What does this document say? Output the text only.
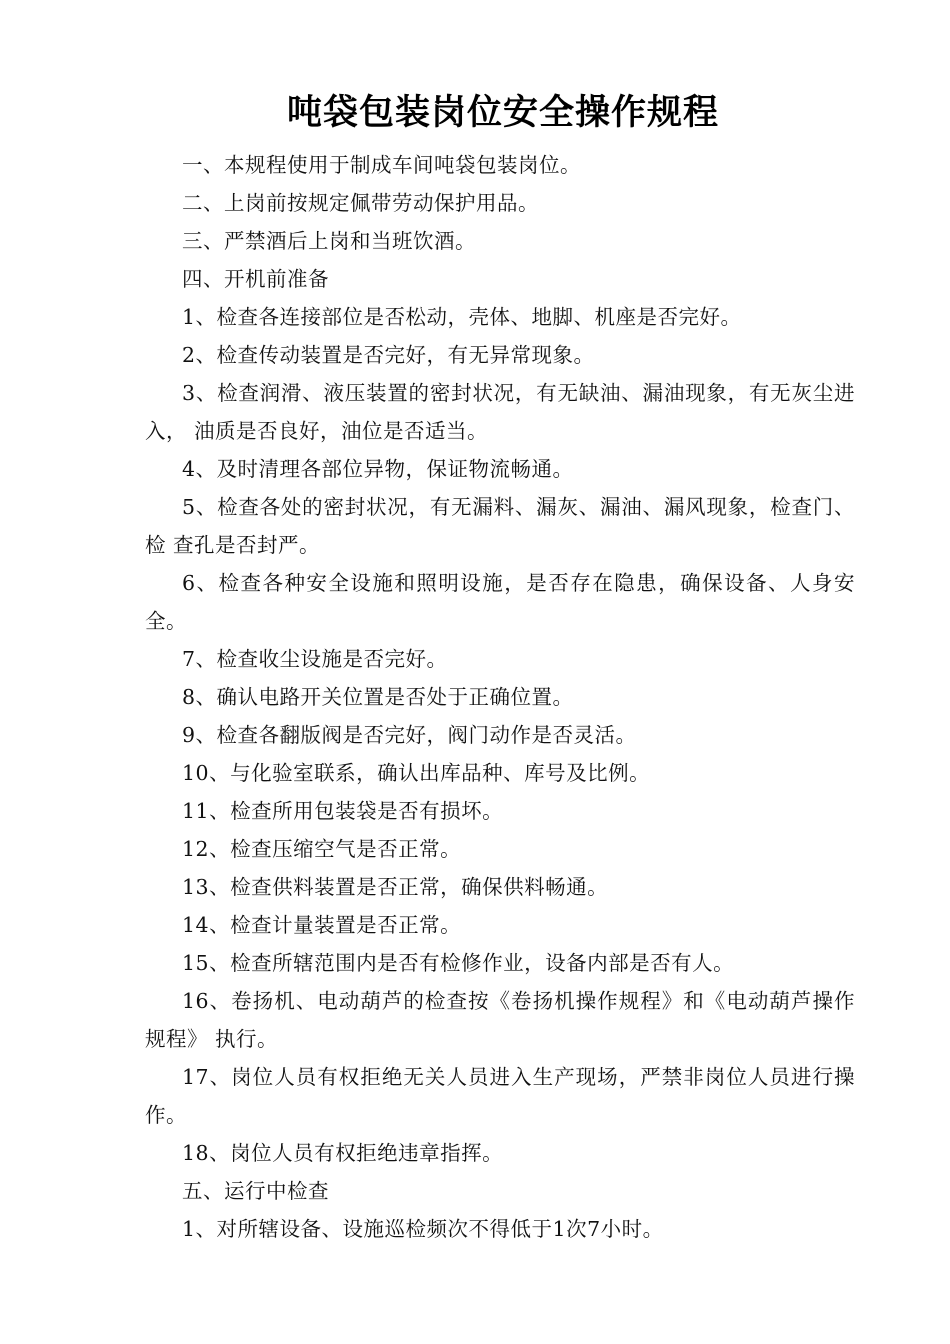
吨袋包装岗位安全操作规程

一、本规程使用于制成车间吨袋包装岗位。

二、上岗前按规定佩带劳动保护用品。

三、严禁酒后上岗和当班饮酒。

四、开机前准备

1、检查各连接部位是否松动，壳体、地脚、机座是否完好。

2、检查传动装置是否完好，有无异常现象。

3、检查润滑、液压装置的密封状况，有无缺油、漏油现象，有无灰尘进入， 油质是否良好，油位是否适当。

4、及时清理各部位异物，保证物流畅通。

5、检查各处的密封状况，有无漏料、漏灰、漏油、漏风现象，检查门、检 查孔是否封严。

6、检查各种安全设施和照明设施，是否存在隐患，确保设备、人身安全。

7、检查收尘设施是否完好。

8、确认电路开关位置是否处于正确位置。

9、检查各翻版阀是否完好，阀门动作是否灵活。

10、与化验室联系，确认出库品种、库号及比例。

11、检查所用包装袋是否有损坏。

12、检查压缩空气是否正常。

13、检查供料装置是否正常，确保供料畅通。

14、检查计量装置是否正常。

15、检查所辖范围内是否有检修作业，设备内部是否有人。

16、卷扬机、电动葫芦的检查按《卷扬机操作规程》和《电动葫芦操作规程》 执行。

17、岗位人员有权拒绝无关人员进入生产现场，严禁非岗位人员进行操作。

18、岗位人员有权拒绝违章指挥。

五、运行中检查

1、对所辖设备、设施巡检频次不得低于1次7小时。
